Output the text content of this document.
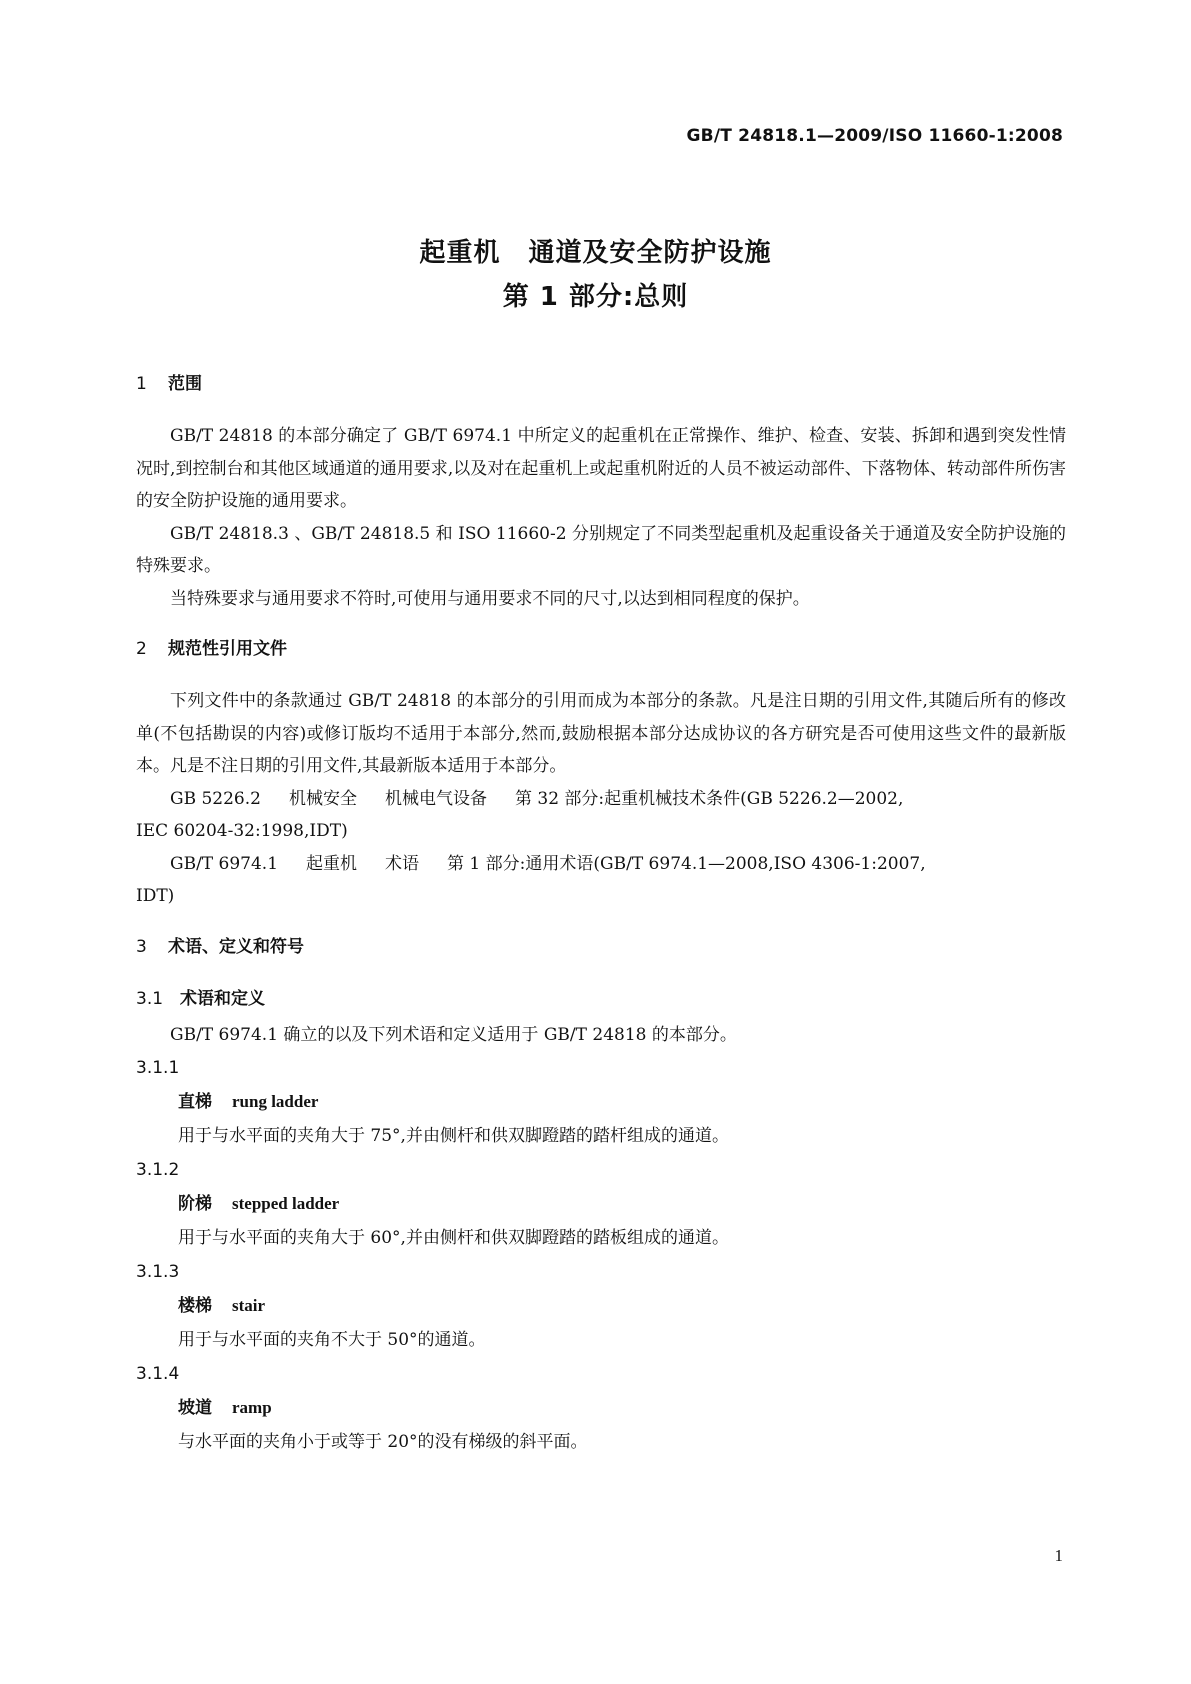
GB/T 24818.1—2009/ISO 11660-1:2008
起重机 通道及安全防护设施
第 1 部分:总则
1 范围

GB/T 24818 的本部分确定了 GB/T 6974.1 中所定义的起重机在正常操作、维护、检查、安装、拆卸和遇到突发性情况时,到控制台和其他区域通道的通用要求,以及对在起重机上或起重机附近的人员不被运动部件、下落物体、转动部件所伤害的安全防护设施的通用要求。

GB/T 24818.3 、GB/T 24818.5 和 ISO 11660-2 分别规定了不同类型起重机及起重设备关于通道及安全防护设施的特殊要求。

当特殊要求与通用要求不符时,可使用与通用要求不同的尺寸,以达到相同程度的保护。

2 规范性引用文件

下列文件中的条款通过 GB/T 24818 的本部分的引用而成为本部分的条款。凡是注日期的引用文件,其随后所有的修改单(不包括勘误的内容)或修订版均不适用于本部分,然而,鼓励根据本部分达成协议的各方研究是否可使用这些文件的最新版本。凡是不注日期的引用文件,其最新版本适用于本部分。

GB 5226.2 机械安全 机械电气设备 第 32 部分:起重机械技术条件(GB 5226.2—2002,

IEC 60204-32:1998,IDT)

GB/T 6974.1 起重机 术语 第 1 部分:通用术语(GB/T 6974.1—2008,ISO 4306-1:2007,

IDT)

3 术语、定义和符号
3.1 术语和定义

GB/T 6974.1 确立的以及下列术语和定义适用于 GB/T 24818 的本部分。

3.1.1
直梯 rung ladder
用于与水平面的夹角大于 75°,并由侧杆和供双脚蹬踏的踏杆组成的通道。
3.1.2
阶梯 stepped ladder
用于与水平面的夹角大于 60°,并由侧杆和供双脚蹬踏的踏板组成的通道。
3.1.3
楼梯 stair
用于与水平面的夹角不大于 50°的通道。
3.1.4
坡道 ramp
与水平面的夹角小于或等于 20°的没有梯级的斜平面。
1
